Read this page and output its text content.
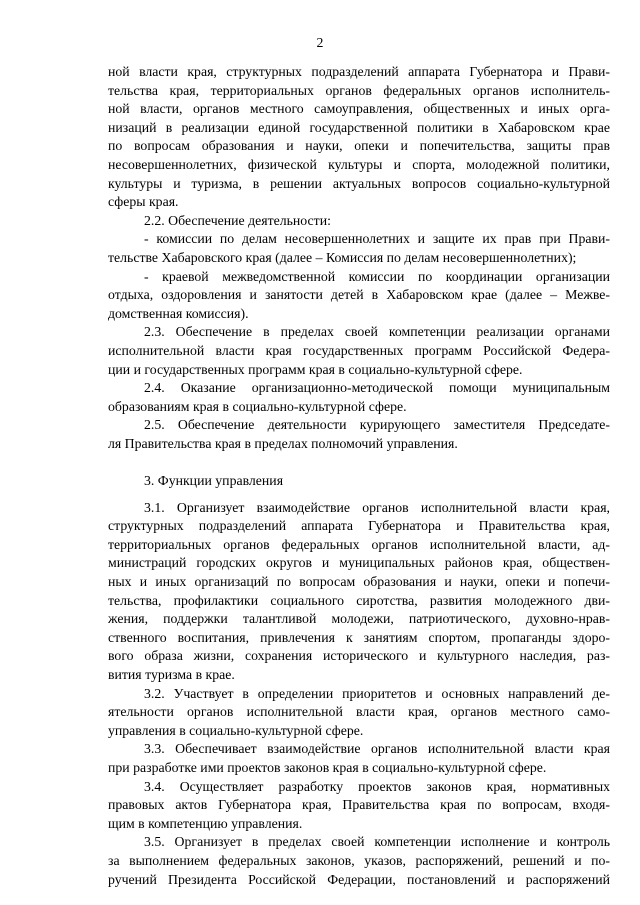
2
ной власти края, структурных подразделений аппарата Губернатора и Прави-
тельства края, территориальных органов федеральных органов исполнитель-
ной власти, органов местного самоуправления, общественных и иных орга-
низаций в реализации единой государственной политики в Хабаровском крае
по вопросам образования и науки, опеки и попечительства, защиты прав
несовершеннолетних, физической культуры и спорта, молодежной политики,
культуры и туризма, в решении актуальных вопросов социально-культурной
сферы края.
2.2. Обеспечение деятельности:
- комиссии по делам несовершеннолетних и защите их прав при Прави-
тельстве Хабаровского края (далее – Комиссия по делам несовершеннолетних);
- краевой межведомственной комиссии по координации организации
отдыха, оздоровления и занятости детей в Хабаровском крае (далее – Межве-
домственная комиссия).
2.3. Обеспечение в пределах своей компетенции реализации органами
исполнительной власти края государственных программ Российской Федера-
ции и государственных программ края в социально-культурной сфере.
2.4. Оказание организационно-методической помощи муниципальным
образованиям края в социально-культурной сфере.
2.5. Обеспечение деятельности курирующего заместителя Председате-
ля Правительства края в пределах полномочий управления.
3. Функции управления
3.1. Организует взаимодействие органов исполнительной власти края,
структурных подразделений аппарата Губернатора и Правительства края,
территориальных органов федеральных органов исполнительной власти, ад-
министраций городских округов и муниципальных районов края, обществен-
ных и иных организаций по вопросам образования и науки, опеки и попечи-
тельства, профилактики социального сиротства, развития молодежного дви-
жения, поддержки талантливой молодежи, патриотического, духовно-нрав-
ственного воспитания, привлечения к занятиям спортом, пропаганды здоро-
вого образа жизни, сохранения исторического и культурного наследия, раз-
вития туризма в крае.
3.2. Участвует в определении приоритетов и основных направлений де-
ятельности органов исполнительной власти края, органов местного само-
управления в социально-культурной сфере.
3.3. Обеспечивает взаимодействие органов исполнительной власти края
при разработке ими проектов законов края в социально-культурной сфере.
3.4. Осуществляет разработку проектов законов края, нормативных
правовых актов Губернатора края, Правительства края по вопросам, входя-
щим в компетенцию управления.
3.5. Организует в пределах своей компетенции исполнение и контроль
за выполнением федеральных законов, указов, распоряжений, решений и по-
ручений Президента Российской Федерации, постановлений и распоряжений
